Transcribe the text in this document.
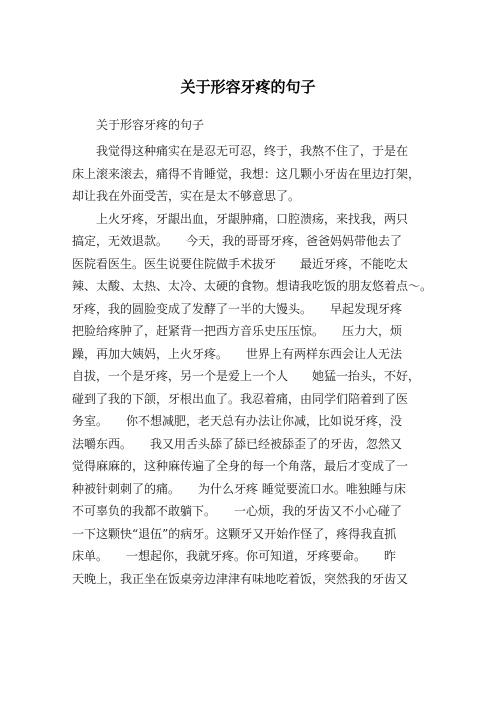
关于形容牙疼的句子
关于形容牙疼的句子
我觉得这种痛实在是忍无可忍，终于，我熬不住了，于是在
床上滚来滚去，痛得不肯睡觉，我想：这几颗小牙齿在里边打架，
却让我在外面受苦，实在是太不够意思了。
上火牙疼，牙龈出血，牙龈肿痛，口腔溃疡，来找我，两只
搞定，无效退款。　　今天，我的哥哥牙疼，爸爸妈妈带他去了
医院看医生。医生说要住院做手术拔牙　　最近牙疼，不能吃太
辣、太酸、太热、太冷、太硬的食物。想请我吃饭的朋友悠着点～。
牙疼，我的圆脸变成了发酵了一半的大馒头。　　早起发现牙疼
把脸给疼肿了，赶紧背一把西方音乐史压压惊。　　压力大，烦
躁，再加大姨妈，上火牙疼。　　世界上有两样东西会让人无法
自拔，一个是牙疼，另一个是爱上一个人　　她猛一抬头，不好，
碰到了我的下颌，牙根出血了。我忍着痛，由同学们陪着到了医
务室。　　你不想减肥，老天总有办法让你减，比如说牙疼，没
法嚼东西。　　我又用舌头舔了舔已经被舔歪了的牙齿，忽然又
觉得麻麻的，这种麻传遍了全身的每一个角落，最后才变成了一
种被针刺刺了的痛。　　为什么牙疼 睡觉要流口水。唯独睡与床
不可辜负的我都不敢躺下。　　一心烦，我的牙齿又不小心碰了
一下这颗快“退伍”的病牙。这颗牙又开始作怪了，疼得我直抓
床单。　　一想起你，我就牙疼。你可知道，牙疼要命。　　昨
天晚上，我正坐在饭桌旁边津津有味地吃着饭，突然我的牙齿又
